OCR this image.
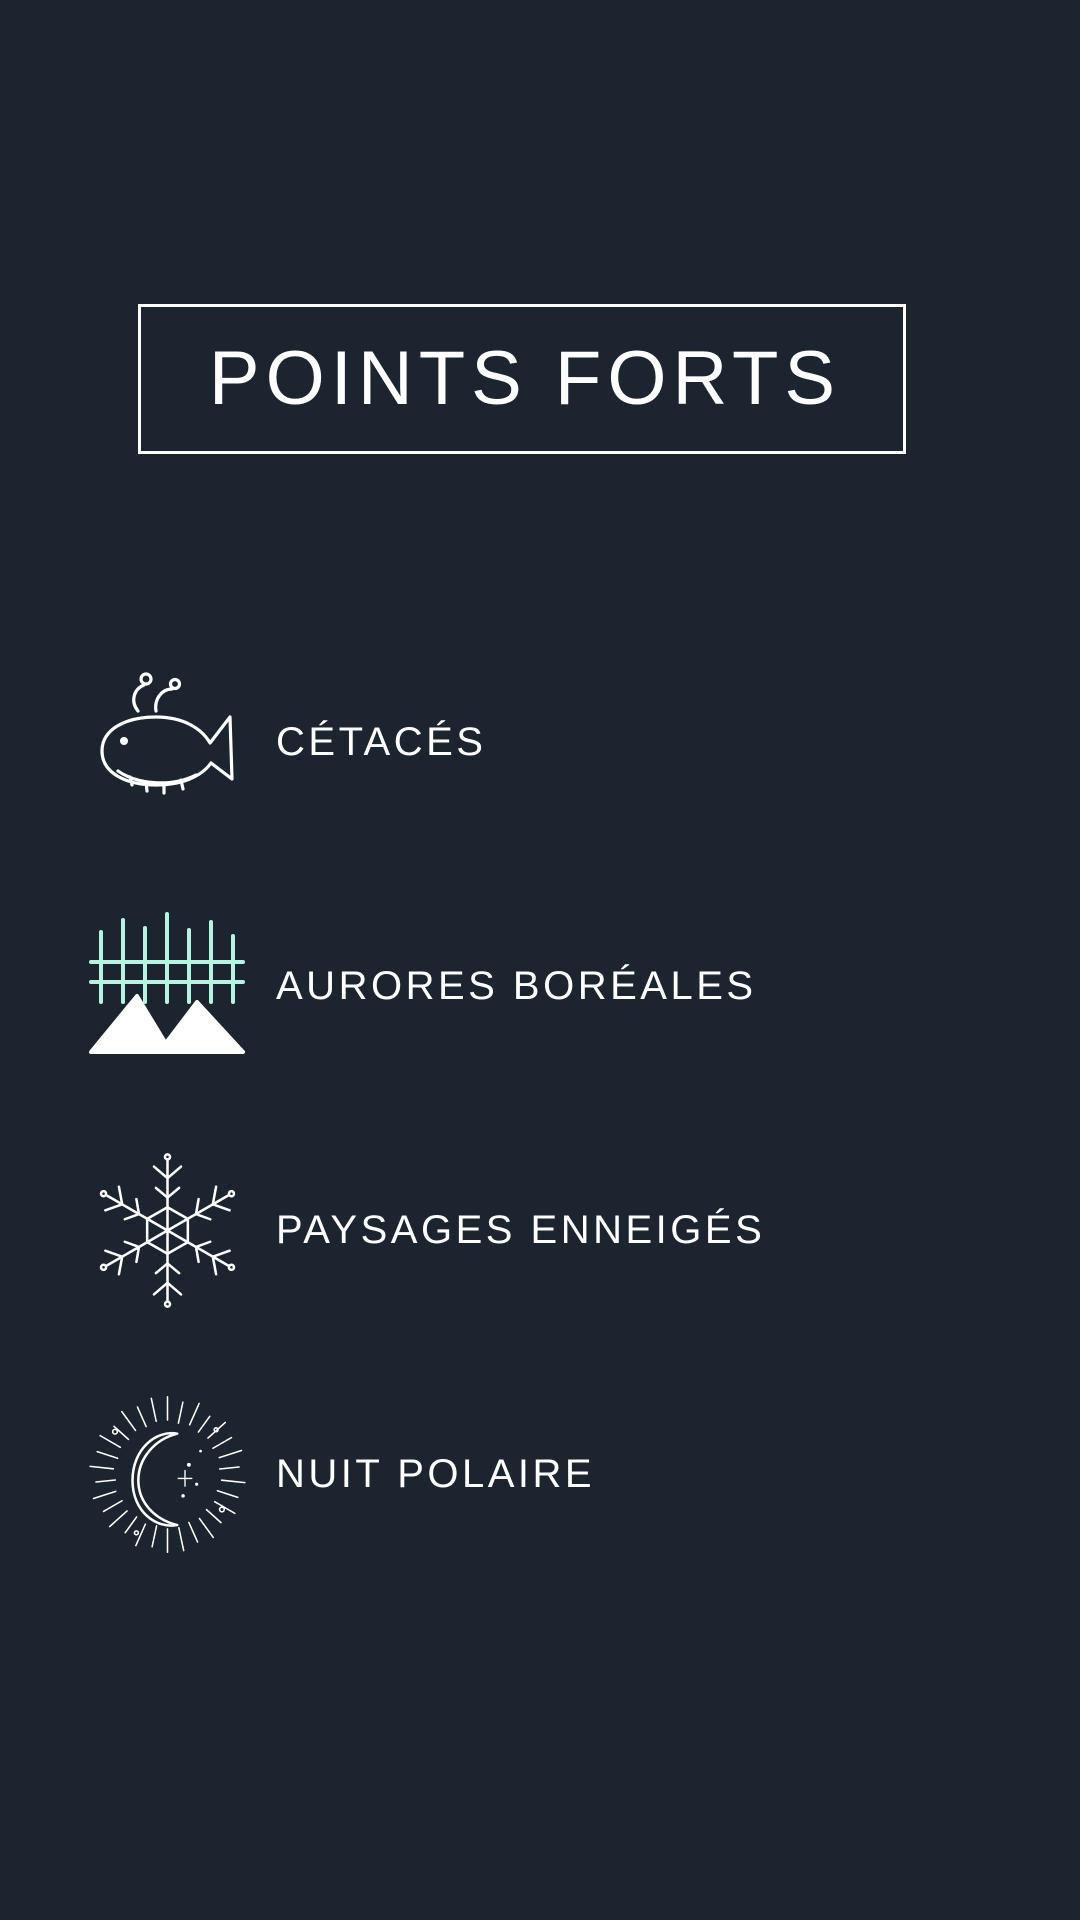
POINTS FORTS
CÉTACÉS
AURORES BORÉALES
PAYSAGES ENNEIGÉS
NUIT POLAIRE
